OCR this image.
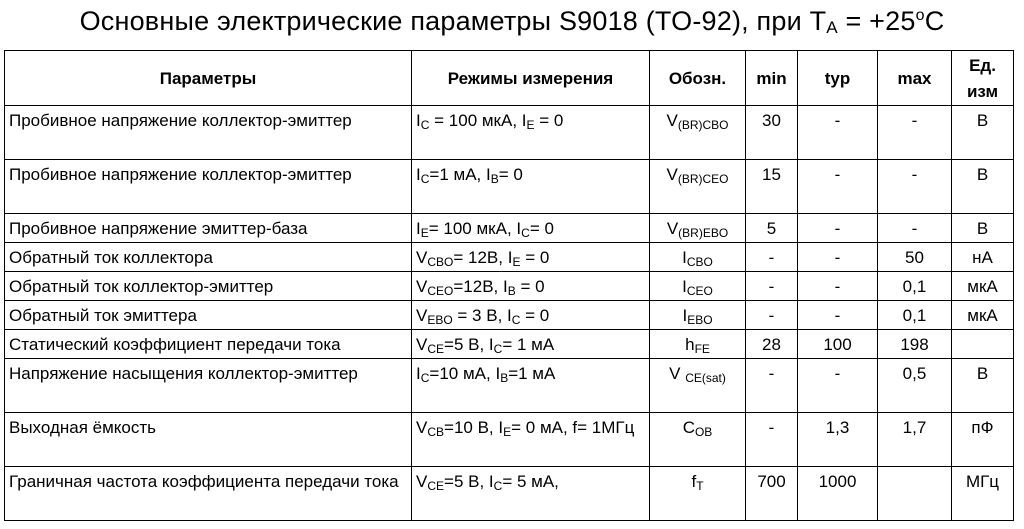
Основные электрические параметры S9018 (TO-92), при $T_A = +25^oC$
Параметры	Режимы измерения	Обозн.	min	typ	max	Ед. изм
Пробивное напряжение коллектор-эмиттер	$I_C = 100$ мкА, $I_E = 0$	$V_{(BR)CBO}$	30	-	-	В
Пробивное напряжение коллектор-эмиттер	$I_C=1$ мА, $I_B= 0$	$V_{(BR)CEO}$	15	-	-	В
Пробивное напряжение эмиттер-база	$I_E= 100$ мкА, $I_C= 0$	$V_{(BR)EBO}$	5	-	-	В
Обратный ток коллектора	$V_{CBO}= 12В$, $I_E = 0$	$I_{CBO}$	-	-	50	нА
Обратный ток коллектор-эмиттер	$V_{CEO}=12В$, $I_B = 0$	$I_{CEO}$	-	-	0,1	мкА
Обратный ток эмиттера	$V_{EBO} = 3$ В, $I_C = 0$	$I_{EBO}$	-	-	0,1	мкА
Статический коэффициент передачи тока	$V_{CE}=5$ В, $I_C= 1$ мА	$h_{FE}$	28	100	198	
Напряжение насыщения коллектор-эмиттер	$I_C=10$ мА, $I_B=1$ мА	V $_{CE(sat)}$	-	-	0,5	В
Выходная ёмкость	$V_{CB}=10$ В, $I_E= 0$ мА, f= 1МГц	$C_{OB}$	-	1,3	1,7	пФ
Граничная частота коэффициента передачи тока	$V_{CE}=5$ В, $I_C= 5$ мА,	$f_T$	700	1000		МГц
